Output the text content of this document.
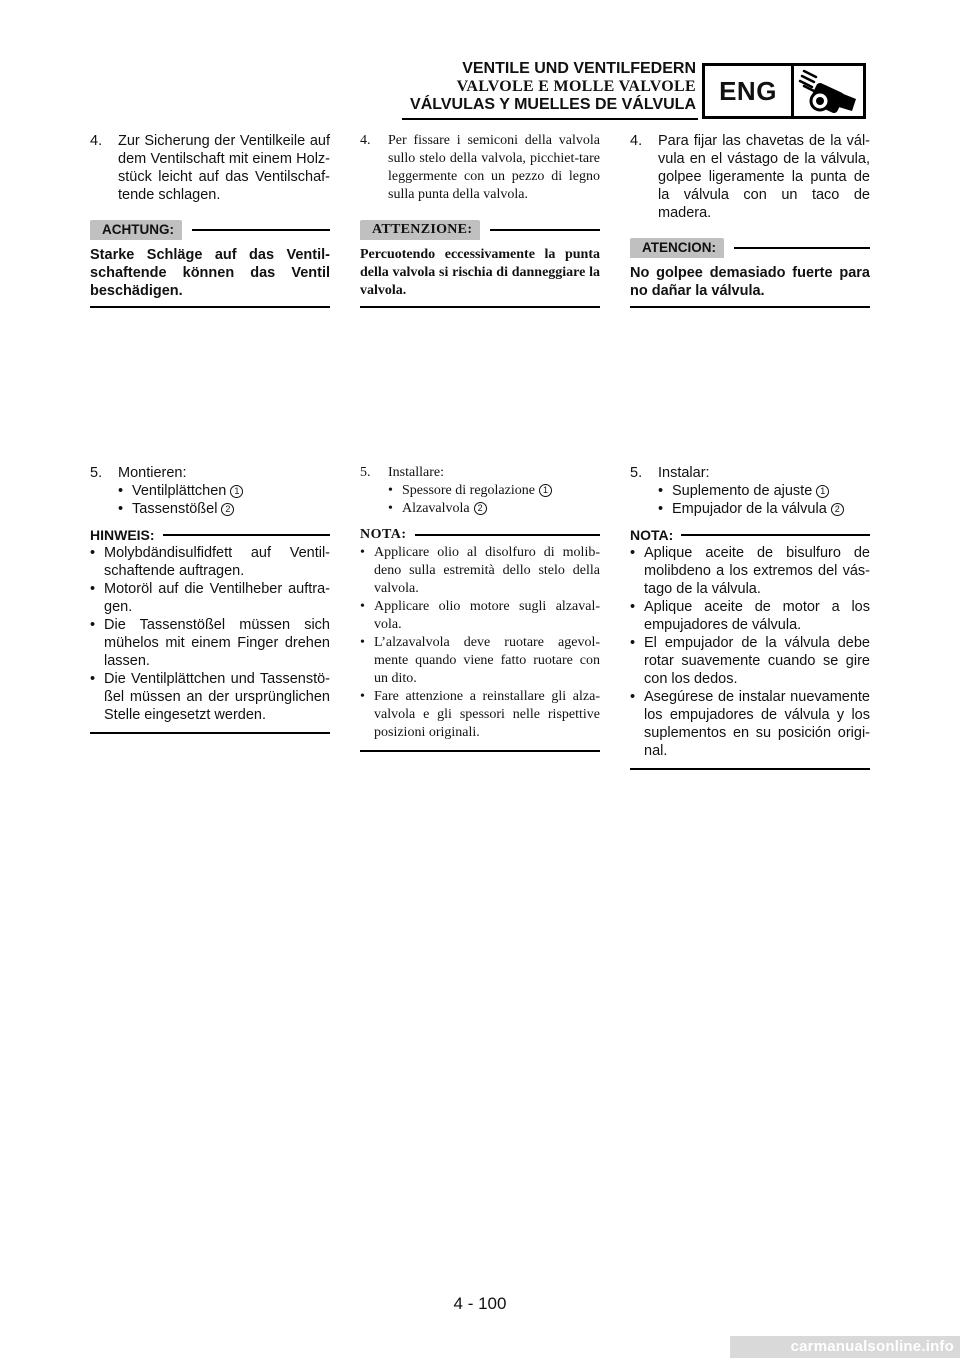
VENTILE UND VENTILFEDERN
VALVOLE E MOLLE VALVOLE
VÁLVULAS Y MUELLES DE VÁLVULA ENG
4.	Zur Sicherung der Ventilkeile auf dem Ventilschaft mit einem Holz-stück leicht auf das Ventilschaf-tende schlagen.
ACHTUNG:
Starke Schläge auf das Ventil-schaftende können das Ventil beschädigen.
4.	Per fissare i semiconi della valvola sullo stelo della valvola, picchiet-tare leggermente con un pezzo di legno sulla punta della valvola.
ATTENZIONE:
Percuotendo eccessivamente la punta della valvola si rischia di danneggiare la valvola.
4.	Para fijar las chavetas de la vál-vula en el vástago de la válvula, golpee ligeramente la punta de la válvula con un taco de madera.
ATENCION:
No golpee demasiado fuerte para no dañar la válvula.
5.	Montieren:
• Ventilplättchen 1
• Tassenstößel 2
HINWEIS:
• Molybdändisulfidfett auf Ventil-schaftende auftragen.
• Motoröl auf die Ventilheber auftra-gen.
• Die Tassenstößel müssen sich mühelos mit einem Finger drehen lassen.
• Die Ventilplättchen und Tassenstö-ßel müssen an der ursprünglichen Stelle eingesetzt werden.
5.	Installare:
• Spessore di regolazione 1
• Alzavalvola 2
NOTA:
• Applicare olio al disolfuro di molib-deno sulla estremità dello stelo della valvola.
• Applicare olio motore sugli alzaval-vola.
• L’alzavalvola deve ruotare agevol-mente quando viene fatto ruotare con un dito.
• Fare attenzione a reinstallare gli alza-valvola e gli spessori nelle rispettive posizioni originali.
5.	Instalar:
• Suplemento de ajuste 1
• Empujador de la válvula 2
NOTA:
• Aplique aceite de bisulfuro de molibdeno a los extremos del vás-tago de la válvula.
• Aplique aceite de motor a los empujadores de válvula.
• El empujador de la válvula debe rotar suavemente cuando se gire con los dedos.
• Asegúrese de instalar nuevamente los empujadores de válvula y los suplementos en su posición origi-nal.
4 - 100
carmanualsonline.info
